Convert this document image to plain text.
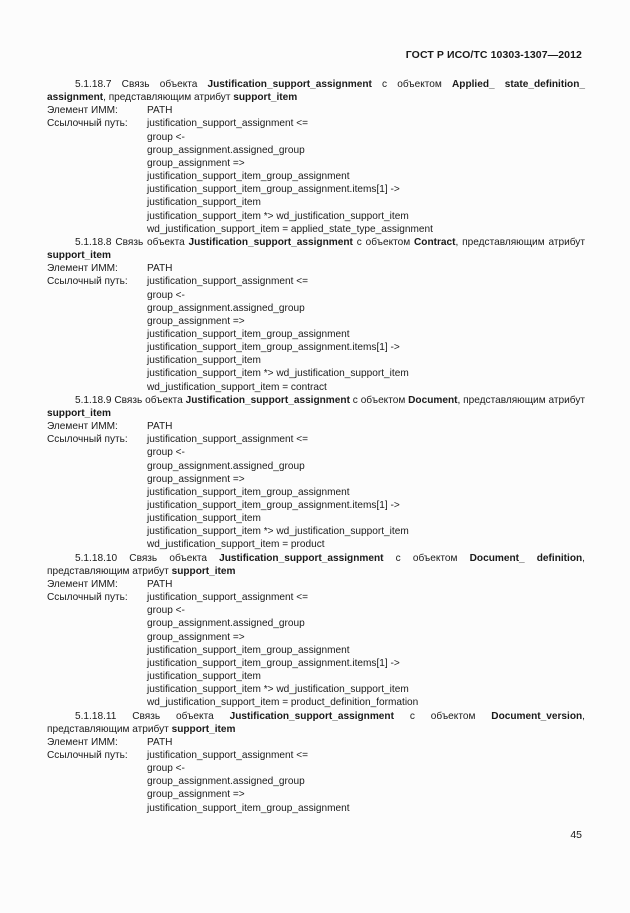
ГОСТ Р ИСО/ТС 10303-1307—2012
5.1.18.7 Связь объекта Justification_support_assignment с объектом Applied_ state_definition_ assignment, представляющим атрибут support_item
Элемент ИММ:	PATH
Ссылочный путь:	justification_support_assignment <=
group <-
group_assignment.assigned_group
group_assignment =>
justification_support_item_group_assignment
justification_support_item_group_assignment.items[1] ->
justification_support_item
justification_support_item *> wd_justification_support_item
wd_justification_support_item = applied_state_type_assignment
5.1.18.8 Связь объекта Justification_support_assignment с объектом Contract, представляющим атрибут support_item
Элемент ИММ:	PATH
Ссылочный путь:	justification_support_assignment <=
group <-
group_assignment.assigned_group
group_assignment =>
justification_support_item_group_assignment
justification_support_item_group_assignment.items[1] ->
justification_support_item
justification_support_item *> wd_justification_support_item
wd_justification_support_item = contract
5.1.18.9 Связь объекта Justification_support_assignment с объектом Document, представляющим атрибут support_item
Элемент ИММ:	PATH
Ссылочный путь:	justification_support_assignment <=
group <-
group_assignment.assigned_group
group_assignment =>
justification_support_item_group_assignment
justification_support_item_group_assignment.items[1] ->
justification_support_item
justification_support_item *> wd_justification_support_item
wd_justification_support_item = product
5.1.18.10 Связь объекта Justification_support_assignment с объектом Document_ definition, представляющим атрибут support_item
Элемент ИММ:	PATH
Ссылочный путь:	justification_support_assignment <=
group <-
group_assignment.assigned_group
group_assignment =>
justification_support_item_group_assignment
justification_support_item_group_assignment.items[1] ->
justification_support_item
justification_support_item *> wd_justification_support_item
wd_justification_support_item = product_definition_formation
5.1.18.11 Связь объекта Justification_support_assignment с объектом Document_version, представляющим атрибут support_item
Элемент ИММ:	PATH
Ссылочный путь:	justification_support_assignment <=
group <-
group_assignment.assigned_group
group_assignment =>
justification_support_item_group_assignment
45
